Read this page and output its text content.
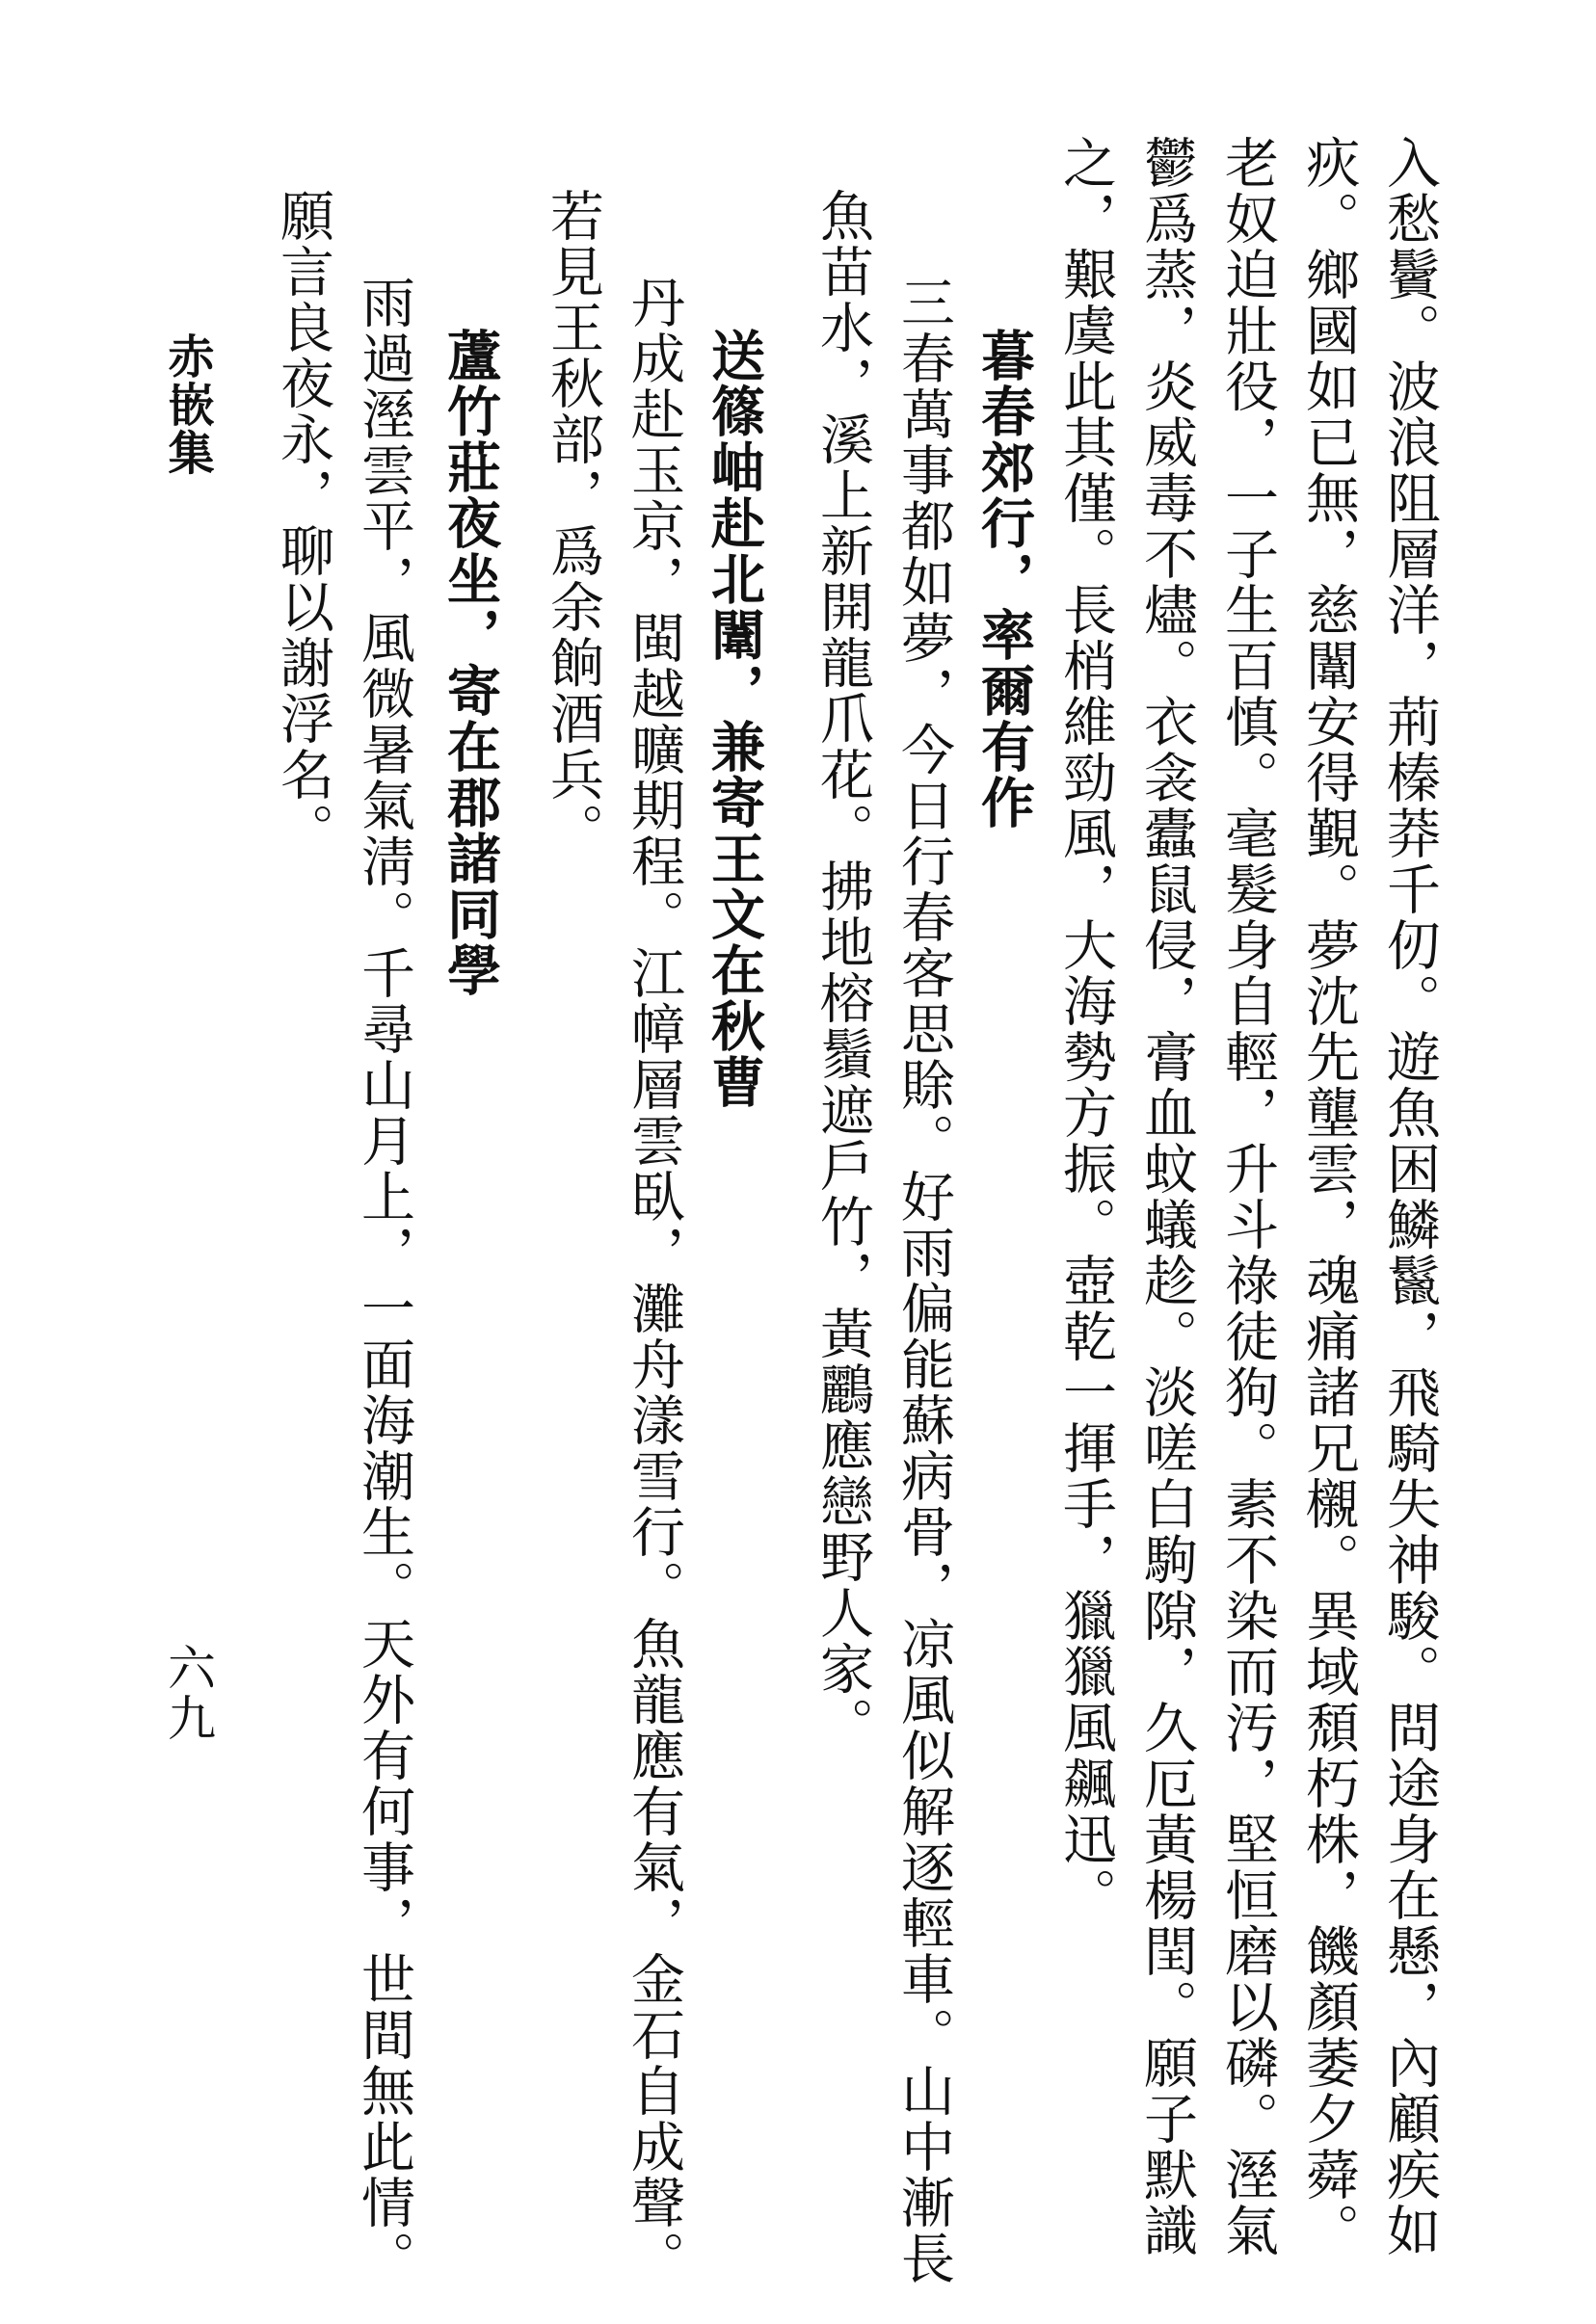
入愁鬢。波浪阻層洋，荊榛莽千仞。遊魚困鱗鬣，飛騎失神駿。問途身在懸，內顧疾如
疢。鄉國如已無，慈闈安得覲。夢沈先壟雲，魂痛諸兄櫬。異域頹朽株，饑顏萎夕蕣。
老奴迫壯役，一子生百慎。毫髮身自輕，升斗祿徒狗。素不染而汚，堅恒磨以磷。溼氣
鬱爲蒸，炎威毒不燼。衣衾蠹鼠侵，膏血蚊蟻趁。淡嗟白駒隙，久厄黃楊閏。願子默識
之，艱虞此其僅。長梢維勁風，大海勢方振。壺乾一揮手，獵獵風飆迅。
暮春郊行，率爾有作
三春萬事都如夢，今日行春客思賖。好雨偏能蘇病骨，凉風似解逐輕車。山中漸長
魚苗水，溪上新開龍爪花。拂地榕鬚遮戶竹，黃鸝應戀野人家。
送篠岫赴北闈，兼寄王文在秋曹
丹成赴玉京，閩越曠期程。江幛層雲臥，灘舟漾雪行。魚龍應有氣，金石自成聲。
若見王秋部，爲余餉酒兵。
蘆竹莊夜坐，寄在郡諸同學
雨過溼雲平，風微暑氣淸。千尋山月上，一面海潮生。天外有何事，世間無此情。
願言良夜永，聊以謝浮名。
赤嵌集
六九
